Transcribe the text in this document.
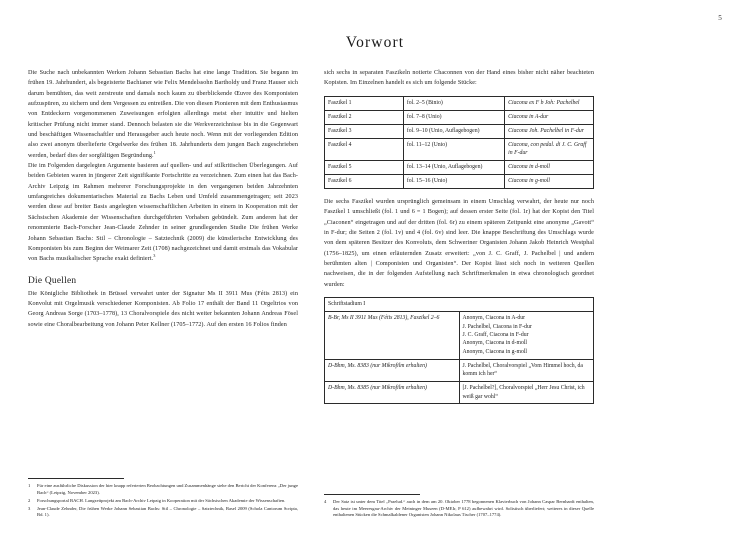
5
Vorwort

Die Suche nach unbekannten Werken Johann Sebastian Bachs hat eine lange Tradition. Sie begann im frühen 19. Jahrhundert, als begeisterte Bachianer wie Felix Mendelssohn Bartholdy und Franz Hauser sich darum bemühten, das weit zerstreute und damals noch kaum zu überblickende Œuvre des Komponisten aufzuspüren, zu sichern und dem Vergessen zu entreißen. Die von diesen Pionieren mit dem Enthusiasmus von Entdeckern vorgenommenen Zuweisungen erfolgten allerdings meist eher intuitiv und hielten kritischer Prüfung nicht immer stand. Dennoch belasten sie die Werkverzeichnisse bis in die Gegenwart und beschäftigen Wissenschaftler und Herausgeber auch heute noch. Wenn mit der vorliegenden Edition also zwei anonym überlieferte Orgelwerke des frühen 18. Jahrhunderts dem jungen Bach zugeschrieben werden, bedarf dies der sorgfältigen Begründung.$^1$

Die im Folgenden dargelegten Argumente basieren auf quellen- und auf stilkritischen Überlegungen. Auf beiden Gebieten waren in jüngerer Zeit signifikante Fortschritte zu verzeichnen. Zum einen hat das Bach-Archiv Leipzig im Rahmen mehrerer Forschungsprojekte in den vergangenen beiden Jahrzehnten umfangreiches dokumentarisches Material zu Bachs Leben und Umfeld zusammengetragen; seit 2023 werden diese auf breiter Basis angelegten wissenschaftlichen Arbeiten in einem in Kooperation mit der Sächsischen Akademie der Wissenschaften durchgeführten Vorhaben gebündelt. Zum anderen hat der renommierte Bach-Forscher Jean-Claude Zehnder in seiner grundlegenden Studie Die frühen Werke Johann Sebastian Bachs: Stil – Chronologie – Satztechnik (2009) die künstlerische Entwicklung des Komponisten bis zum Beginn der Weimarer Zeit (1708) nachgezeichnet und damit erstmals das Vokabular von Bachs musikalischer Sprache exakt definiert.$^3$

Die Quellen

Die Königliche Bibliothek in Brüssel verwahrt unter der Signatur Ms II 3911 Mus (Fétis 2813) ein Konvolut mit Orgelmusik verschiedener Komponisten. Ab Folio 17 enthält der Band 11 Orgeltrios von Georg Andreas Sorge (1703–1778), 13 Choralvorspiele des nicht weiter bekannten Johann Andreas Fösel sowie eine Choralbearbeitung von Johann Peter Kellner (1705–1772). Auf den ersten 16 Folios finden

1	Für eine ausführliche Diskussion der hier knapp referierten Beobachtungen und Zusammenhänge siehe den Bericht der Konferenz „Der junge Bach“ (Leipzig, November 2023).
2	Forschungsportal BACH. Langzeitprojekt am Bach-Archiv Leipzig in Kooperation mit der Sächsischen Akademie der Wissenschaften.
3	Jean-Claude Zehnder, Die frühen Werke Johann Sebastian Bachs: Stil – Chronologie – Satztechnik, Basel 2009 (Schola Cantorum Scripta, Bd. 1).

sich sechs in separaten Faszikeln notierte Chaconnen von der Hand eines bisher nicht näher beachteten Kopisten. Im Einzelnen handelt es sich um folgende Stücke:

Faszikel 1	fol. 2–5 (Binio)	Ciacona ex F b Joh: Pachelbel
Faszikel 2	fol. 7–8 (Unio)	Ciacona in A-dur
Faszikel 3	fol. 9–10 (Unio, Auflagebogen)	Ciacona Joh. Pachelbel in F-dur
Faszikel 4	fol. 11–12 (Unio)	Ciacona, con pedal. di J. C. Graff in F-dur
Faszikel 5	fol. 13–14 (Unio, Auflagebogen)	Ciacona in d-moll
Faszikel 6	fol. 15–16 (Unio)	Ciacona in g-moll

Die sechs Faszikel wurden ursprünglich gemeinsam in einem Umschlag verwahrt, der heute nur noch Faszikel 1 umschließt (fol. 1 und 6 = 1 Bogen); auf dessen erster Seite (fol. 1r) hat der Kopist den Titel „Ciaconen“ eingetragen und auf der dritten (fol. 6r) zu einem späteren Zeitpunkt eine anonyme „Gavott“ in F-dur; die Seiten 2 (fol. 1v) und 4 (fol. 6v) sind leer. Die knappe Beschriftung des Umschlags wurde von dem späteren Besitzer des Konvoluts, dem Schweriner Organisten Johann Jakob Heinrich Westphal (1756–1825), um einen erläuternden Zusatz erweitert: „von J. C. Graff, J. Pachelbel | und andern berühmten alten | Componisten und Organisten“. Der Kopist lässt sich noch in weiteren Quellen nachweisen, die in der folgenden Aufstellung nach Schriftmerkmalen in etwa chronologisch geordnet wurden:

Schriftstadium I	
B-Br, Ms II 3911 Mus (Fétis 2813), Faszikel 2–6	Anonym, Ciacona in A-dur
J. Pachelbel, Ciacona in F-dur
J. C. Graff, Ciacona in F-dur
Anonym, Ciacona in d-moll
Anonym, Ciacona in g-moll

D-Bhm, Ms. 8383 (nur Mikrofilm erhalten)	J. Pachelbel, Choralvorspiel „Vom Himmel hoch, da komm ich her“

D-Bhm, Ms. 8385 (nur Mikrofilm erhalten)	[J. Pachelbel?], Choralvorspiel „Herr Jesu Christ, ich weiß gar wohl“
4	Der Satz ist unter dem Titel „Praelud.“ auch in dem am 20. Oktober 1778 begonnenen Klavierbuch von Johann Caspar Bernhardt enthalten, das heute im Meeresgau-Archiv der Meininger Museen (D-MEIr, P 612) aufbewahrt wird. Solistisch überliefert; weiteres in dieser Quelle enthaltenen Stücken die Schmalkaldener Organisten Johann Nikolaus Tischer (1707–1774).
